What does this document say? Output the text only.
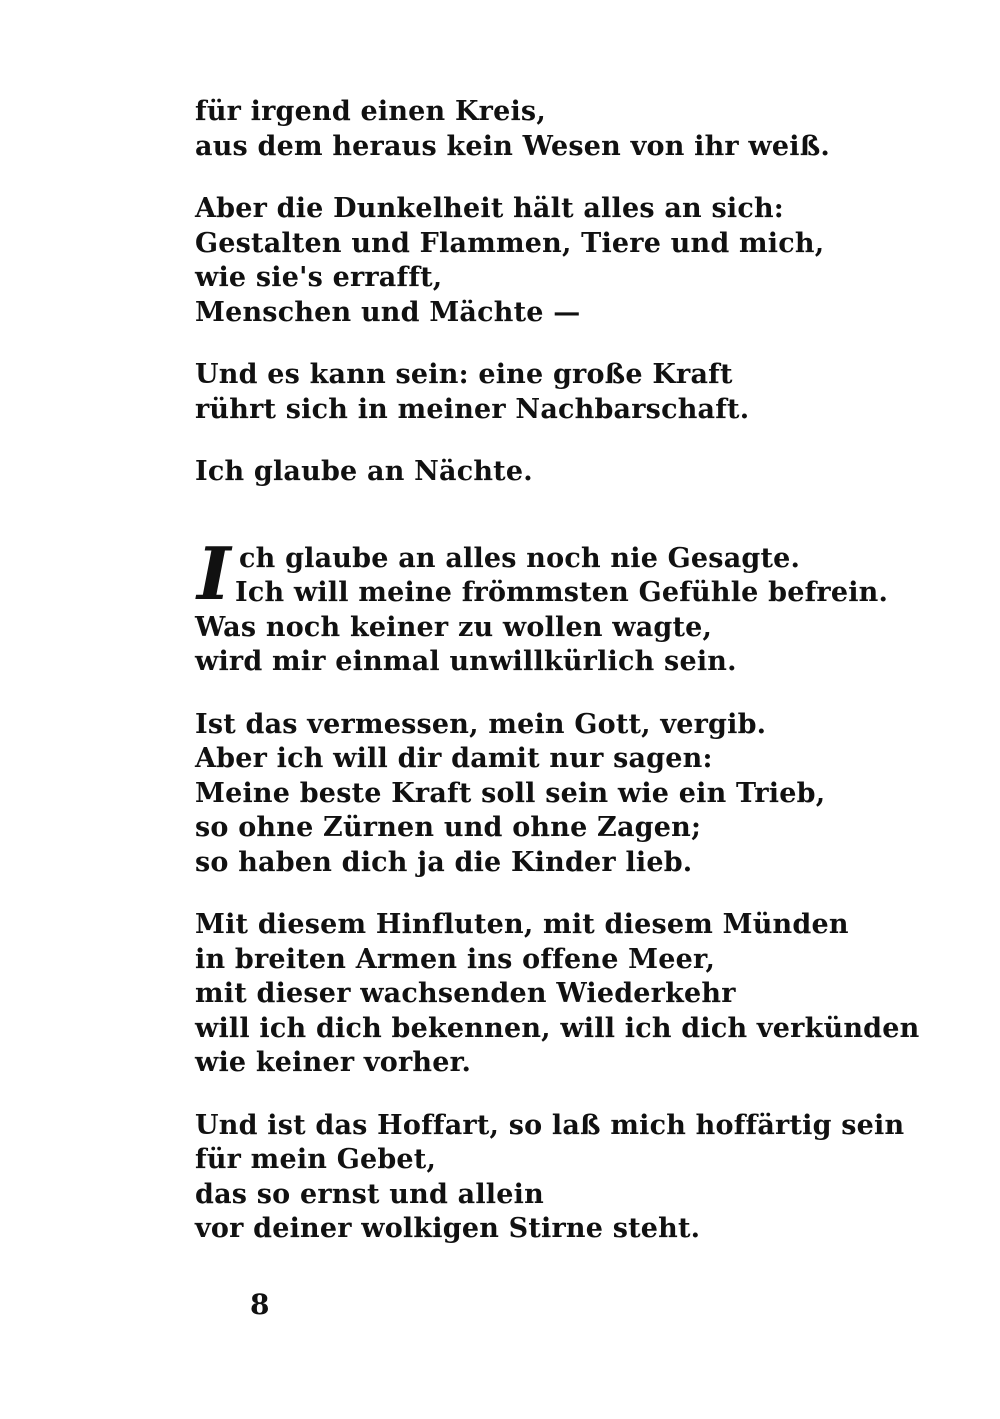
für irgend einen Kreis,
aus dem heraus kein Wesen von ihr weiß.
Aber die Dunkelheit hält alles an sich:
Gestalten und Flammen, Tiere und mich,
wie sie's errafft,
Menschen und Mächte —
Und es kann sein: eine große Kraft
rührt sich in meiner Nachbarschaft.
Ich glaube an Nächte.
I ch glaube an alles noch nie Gesagte.
Ich will meine frömmsten Gefühle befrein.
Was noch keiner zu wollen wagte,
wird mir einmal unwillkürlich sein.
Ist das vermessen, mein Gott, vergib.
Aber ich will dir damit nur sagen:
Meine beste Kraft soll sein wie ein Trieb,
so ohne Zürnen und ohne Zagen;
so haben dich ja die Kinder lieb.
Mit diesem Hinfluten, mit diesem Münden
in breiten Armen ins offene Meer,
mit dieser wachsenden Wiederkehr
will ich dich bekennen, will ich dich verkünden
wie keiner vorher.
Und ist das Hoffart, so laß mich hoffärtig sein
für mein Gebet,
das so ernst und allein
vor deiner wolkigen Stirne steht.
8
